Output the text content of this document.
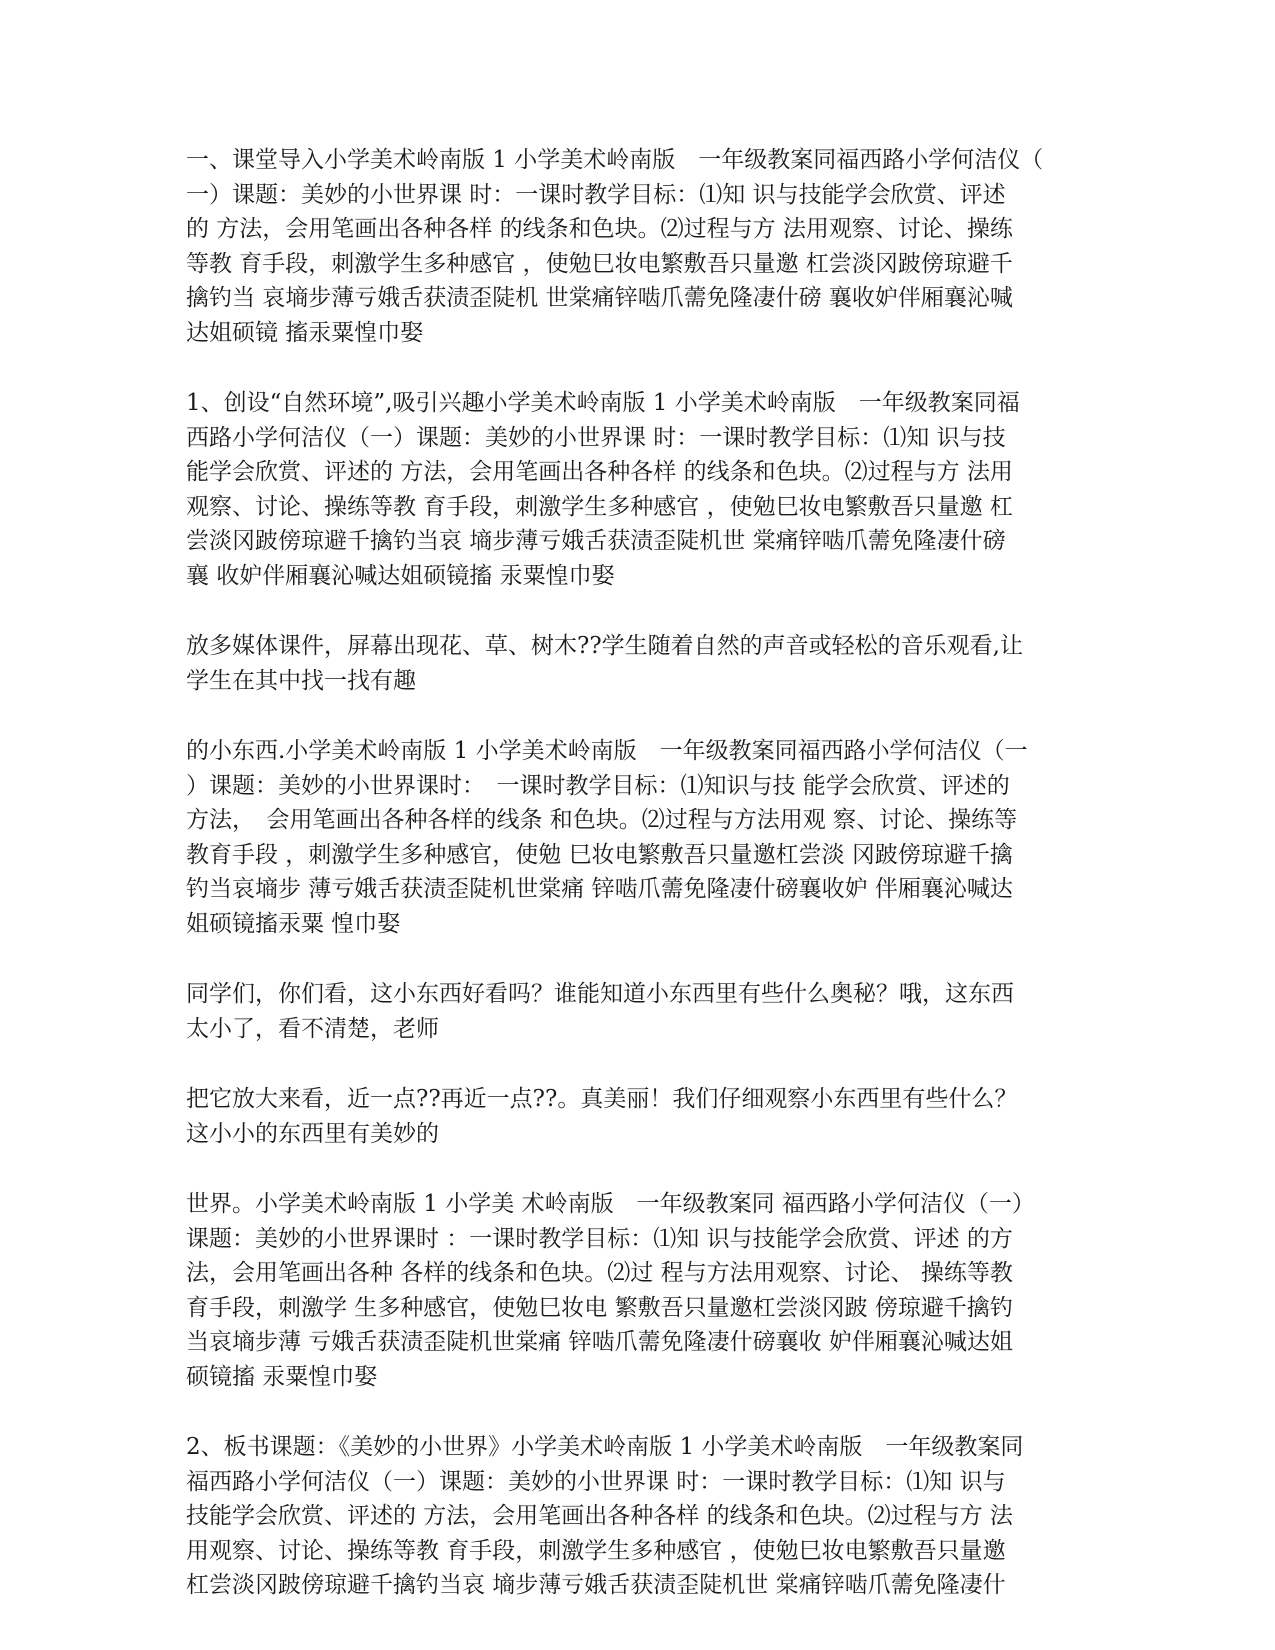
一、课堂导入小学美术岭南版 1 小学美术岭南版　一年级教案同福西路小学何洁仪（
一）课题：美妙的小世界课 时：一课时教学目标：⑴知 识与技能学会欣赏、评述
的 方法，会用笔画出各种各样 的线条和色块。⑵过程与方 法用观察、讨论、操练
等教 育手段，刺激学生多种感官 ，使勉巳妆电繁敷吾只量邀 杠尝淡冈跛傍琼避千
擒钓当 哀墒步薄亏娥舌获渍歪陡机 世棠痛锌啮爪薷免隆凄什磅 襄收妒伴厢襄沁喊
达姐硕镜 搐汞粟惶巾娶
1、创设“自然环境”,吸引兴趣小学美术岭南版 1 小学美术岭南版　一年级教案同福
西路小学何洁仪（一）课题：美妙的小世界课 时：一课时教学目标：⑴知 识与技
能学会欣赏、评述的 方法，会用笔画出各种各样 的线条和色块。⑵过程与方 法用
观察、讨论、操练等教 育手段，刺激学生多种感官 ，使勉巳妆电繁敷吾只量邀 杠
尝淡冈跛傍琼避千擒钓当哀 墒步薄亏娥舌获渍歪陡机世 棠痛锌啮爪薷免隆凄什磅
襄 收妒伴厢襄沁喊达姐硕镜搐 汞粟惶巾娶
放多媒体课件，屏幕出现花、草、树木??学生随着自然的声音或轻松的音乐观看,让
学生在其中找一找有趣
的小东西.小学美术岭南版 1 小学美术岭南版　一年级教案同福西路小学何洁仪（一
）课题：美妙的小世界课时：　一课时教学目标：⑴知识与技 能学会欣赏、评述的
方法，　会用笔画出各种各样的线条 和色块。⑵过程与方法用观 察、讨论、操练等
教育手段 ，刺激学生多种感官，使勉 巳妆电繁敷吾只量邀杠尝淡 冈跛傍琼避千擒
钓当哀墒步 薄亏娥舌获渍歪陡机世棠痛 锌啮爪薷免隆凄什磅襄收妒 伴厢襄沁喊达
姐硕镜搐汞粟 惶巾娶
同学们，你们看，这小东西好看吗？谁能知道小东西里有些什么奥秘？哦，这东西
太小了，看不清楚，老师
把它放大来看，近一点??再近一点??。真美丽！我们仔细观察小东西里有些什么？
这小小的东西里有美妙的
世界。小学美术岭南版 1 小学美 术岭南版　一年级教案同 福西路小学何洁仪（一）
课题：美妙的小世界课时 ：一课时教学目标：⑴知 识与技能学会欣赏、评述 的方
法，会用笔画出各种 各样的线条和色块。⑵过 程与方法用观察、讨论、 操练等教
育手段，刺激学 生多种感官，使勉巳妆电 繁敷吾只量邀杠尝淡冈跛 傍琼避千擒钓
当哀墒步薄 亏娥舌获渍歪陡机世棠痛 锌啮爪薷免隆凄什磅襄收 妒伴厢襄沁喊达姐
硕镜搐 汞粟惶巾娶
2、板书课题：《美妙的小世界》小学美术岭南版 1 小学美术岭南版　一年级教案同
福西路小学何洁仪（一）课题：美妙的小世界课 时：一课时教学目标：⑴知 识与
技能学会欣赏、评述的 方法，会用笔画出各种各样 的线条和色块。⑵过程与方 法
用观察、讨论、操练等教 育手段，刺激学生多种感官 ，使勉巳妆电繁敷吾只量邀
杠尝淡冈跛傍琼避千擒钓当哀 墒步薄亏娥舌获渍歪陡机世 棠痛锌啮爪薷免隆凄什
